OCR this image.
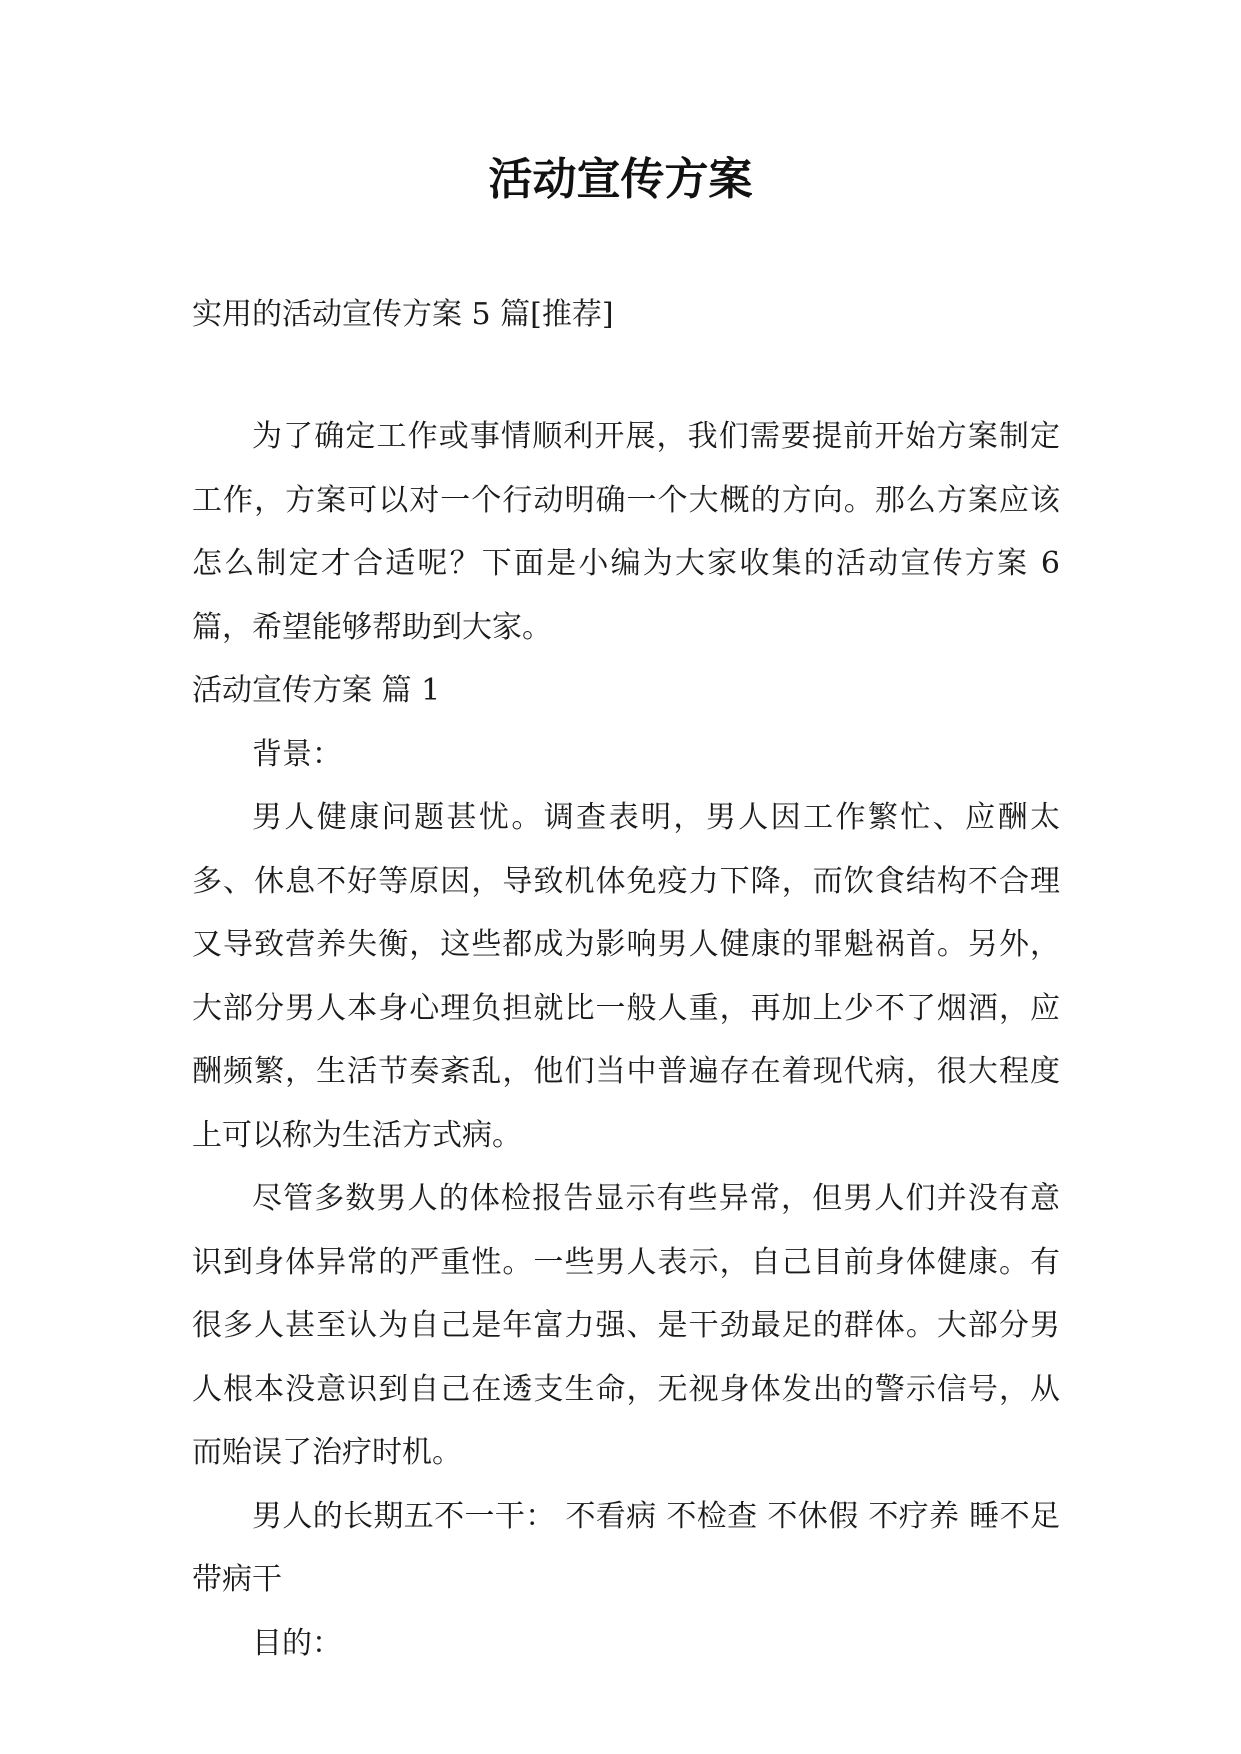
活动宣传方案
实用的活动宣传方案 5 篇[推荐]

为了确定工作或事情顺利开展，我们需要提前开始方案制定工作，方案可以对一个行动明确一个大概的方向。那么方案应该怎么制定才合适呢？下面是小编为大家收集的活动宣传方案 6 篇，希望能够帮助到大家。

活动宣传方案 篇 1

背景：

男人健康问题甚忧。调查表明，男人因工作繁忙、应酬太多、休息不好等原因，导致机体免疫力下降，而饮食结构不合理又导致营养失衡，这些都成为影响男人健康的罪魁祸首。另外，大部分男人本身心理负担就比一般人重，再加上少不了烟酒，应酬频繁，生活节奏紊乱，他们当中普遍存在着现代病，很大程度上可以称为生活方式病。

尽管多数男人的体检报告显示有些异常，但男人们并没有意识到身体异常的严重性。一些男人表示，自己目前身体健康。有很多人甚至认为自己是年富力强、是干劲最足的群体。大部分男人根本没意识到自己在透支生命，无视身体发出的警示信号，从而贻误了治疗时机。

男人的长期五不一干： 不看病 不检查 不休假 不疗养 睡不足 带病干

目的：
